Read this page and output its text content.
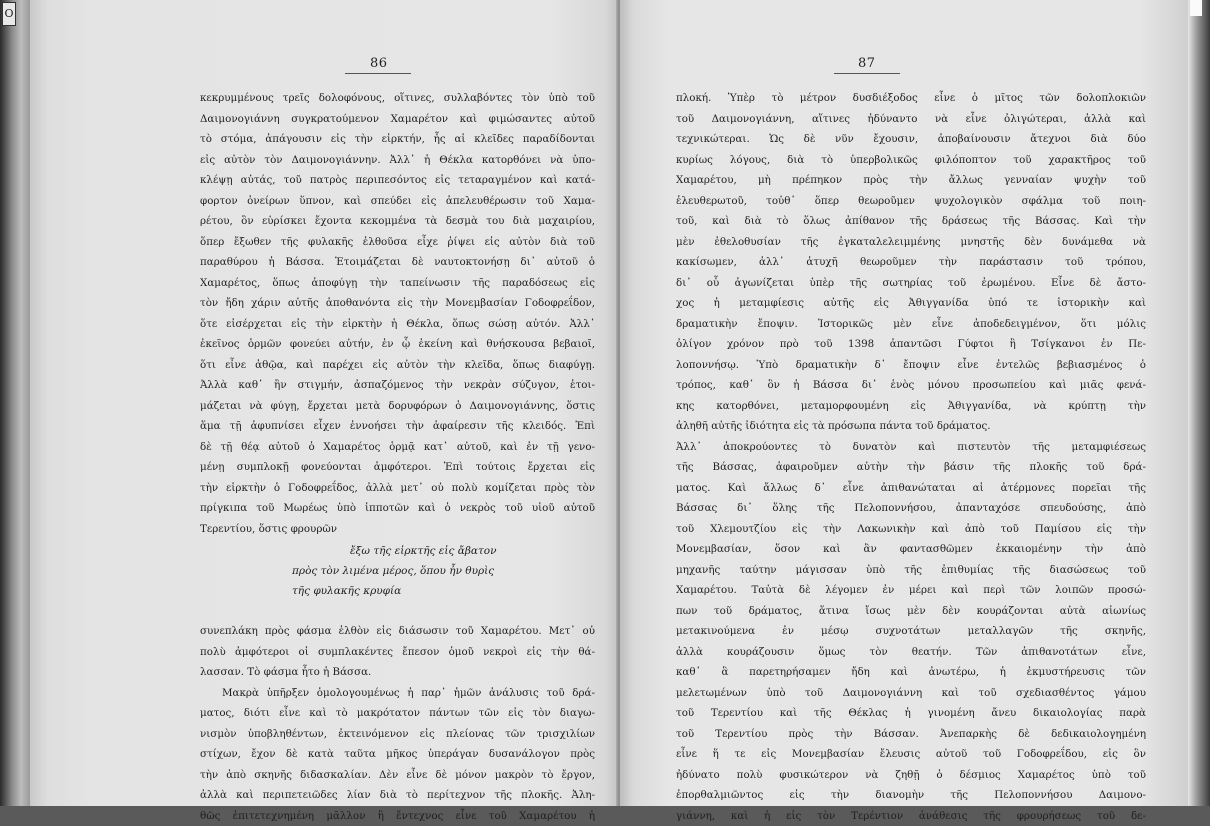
O
86
κεκρυμμένους τρεῖς δολοφόνους, οἵτινες, συλλαβόντες τὸν ὑπὸ τοῦ
Δαιμονογιάννη συγκρατούμενον Χαμαρέτον καὶ φιμώσαντες αὐτοῦ
τὸ στόμα, ἀπάγουσιν εἰς τὴν εἱρκτήν, ἧς αἱ κλεῖδες παραδίδονται
εἰς αὐτὸν τὸν Δαιμονογιάννην. Ἀλλ᾽ ἡ Θέκλα κατορθόνει νὰ ὑπο-
κλέψῃ αὐτάς, τοῦ πατρὸς περιπεσόντος εἰς τεταραγμένον καὶ κατά-
φορτον ὀνείρων ὕπνον, καὶ σπεύδει εἰς ἀπελευθέρωσιν τοῦ Χαμα-
ρέτου, ὃν εὑρίσκει ἔχοντα κεκομμένα τὰ δεσμὰ του διὰ μαχαιρίου,
ὅπερ ἔξωθεν τῆς φυλακῆς ἐλθοῦσα εἶχε ῥίψει εἰς αὐτὸν διὰ τοῦ
παραθύρου ἡ Βάσσα. Ἑτοιμάζεται δὲ ναυτοκτονήσῃ δι᾽ αὐτοῦ ὁ
Χαμαρέτος, ὅπως ἀποφύγῃ τὴν ταπείνωσιν τῆς παραδόσεως εἰς
τὸν ἤδη χάριν αὐτῆς ἀποθανόντα εἰς τὴν Μονεμβασίαν Γοδοφρεΐδον,
ὅτε εἰσέρχεται εἰς τὴν εἱρκτὴν ἡ Θέκλα, ὅπως σώσῃ αὐτόν. Ἀλλ᾽
ἐκεῖνος ὁρμῶν φονεύει αὐτήν, ἐν ᾧ ἐκείνη καὶ θνήσκουσα βεβαιοῖ,
ὅτι εἶνε ἀθῷα, καὶ παρέχει εἰς αὐτὸν τὴν κλεῖδα, ὅπως διαφύγῃ.
Ἀλλὰ καθ᾽ ἣν στιγμήν, ἀσπαζόμενος τὴν νεκρὰν σύζυγον, ἑτοι-
μάζεται νὰ φύγῃ, ἔρχεται μετὰ δορυφόρων ὁ Δαιμονογιάννης, ὅστις
ἅμα τῇ ἀφυπνίσει εἶχεν ἐννοήσει τὴν ἀφαίρεσιν τῆς κλειδός. Ἐπὶ
δὲ τῇ θέᾳ αὐτοῦ ὁ Χαμαρέτος ὁρμᾷ κατ᾽ αὐτοῦ, καὶ ἐν τῇ γενο-
μένῃ συμπλοκῇ φονεύονται ἀμφότεροι. Ἐπὶ τούτοις ἔρχεται εἰς
τὴν εἱρκτὴν ὁ Γοδοφρεΐδος, ἀλλὰ μετ᾽ οὐ πολὺ κομίζεται πρὸς τὸν
πρίγκιπα τοῦ Μωρέως ὑπὸ ἱπποτῶν καὶ ὁ νεκρὸς τοῦ υἱοῦ αὐτοῦ
Τερεντίου, ὅστις φρουρῶν
ἔξω τῆς εἱρκτῆς εἰς ἄβατον
πρὸς τὸν λιμένα μέρος, ὅπου ἦν θυρὶς
τῆς φυλακῆς κρυφία
συνεπλάκη πρὸς φάσμα ἐλθὸν εἰς διάσωσιν τοῦ Χαμαρέτου. Μετ᾽ οὐ
πολὺ ἀμφότεροι οἱ συμπλακέντες ἔπεσον ὁμοῦ νεκροὶ εἰς τὴν θά-
λασσαν. Τὸ φάσμα ἦτο ἡ Βάσσα.
Μακρὰ ὑπῆρξεν ὁμολογουμένως ἡ παρ᾽ ἡμῶν ἀνάλυσις τοῦ δρά-
ματος, διότι εἶνε καὶ τὸ μακρότατον πάντων τῶν εἰς τὸν διαγω-
νισμὸν ὑποβληθέντων, ἐκτεινόμενον εἰς πλείονας τῶν τρισχιλίων
στίχων, ἔχον δὲ κατὰ ταῦτα μῆκος ὑπεράγαν δυσανάλογον πρὸς
τὴν ἀπὸ σκηνῆς διδασκαλίαν. Δὲν εἶνε δὲ μόνον μακρὸν τὸ ἔργον,
ἀλλὰ καὶ περιπετειῶδες λίαν διὰ τὸ περίτεχνον τῆς πλοκῆς. Ἀλη-
θῶς ἐπιτετεχνημένη μᾶλλον ἢ ἔντεχνος εἶνε τοῦ Χαμαρέτου ἡ
87
πλοκή. Ὑπὲρ τὸ μέτρον δυσδιέξοδος εἶνε ὁ μῖτος τῶν δολοπλοκιῶν
τοῦ Δαιμονογιάννη, αἵτινες ἠδύναντο νὰ εἶνε ὀλιγώτεραι, ἀλλὰ καὶ
τεχνικώτεραι. Ὡς δὲ νῦν ἔχουσιν, ἀποβαίνουσιν ἄτεχνοι διὰ δύο
κυρίως λόγους, διὰ τὸ ὑπερβολικῶς φιλόποπτον τοῦ χαρακτῆρος τοῦ
Χαμαρέτου, μὴ πρέπηκον πρὸς τὴν ἄλλως γενναίαν ψυχὴν τοῦ
ἐλευθερωτοῦ, τοὐθ᾽ ὅπερ θεωροῦμεν ψυχολογικὸν σφάλμα τοῦ ποιη-
τοῦ, καὶ διὰ τὸ ὅλως ἀπίθανον τῆς δράσεως τῆς Βάσσας. Καὶ τὴν
μὲν ἐθελοθυσίαν τῆς ἐγκαταλελειμμένης μνηστῆς δὲν δυνάμεθα νὰ
κακίσωμεν, ἀλλ᾽ ἀτυχῆ θεωροῦμεν τὴν παράστασιν τοῦ τρόπου,
δι᾽ οὗ ἀγωνίζεται ὑπὲρ τῆς σωτηρίας τοῦ ἐρωμένου. Εἶνε δὲ ἄστο-
χος ἡ μεταμφίεσις αὐτῆς εἰς Ἀθιγγανίδα ὑπό τε ἱστορικὴν καὶ
δραματικὴν ἔποψιν. Ἱστορικῶς μὲν εἶνε ἀποδεδειγμένον, ὅτι μόλις
ὀλίγον χρόνον πρὸ τοῦ 1398 ἀπαντῶσι Γύφτοι ἢ Τσίγκανοι ἐν Πε-
λοποννήσῳ. Ὑπὸ δραματικὴν δ᾽ ἔποψιν εἶνε ἐντελῶς βεβιασμένος ὁ
τρόπος, καθ᾽ ὃν ἡ Βάσσα δι᾽ ἑνὸς μόνου προσωπείου καὶ μιᾶς φενά-
κης κατορθόνει, μεταμορφουμένη εἰς Ἀθιγγανίδα, νὰ κρύπτῃ τὴν
ἀληθῆ αὐτῆς ἰδιότητα εἰς τὰ πρόσωπα πάντα τοῦ δράματος.
Ἀλλ᾽ ἀποκρούοντες τὸ δυνατὸν καὶ πιστευτὸν τῆς μεταμφιέσεως
τῆς Βάσσας, ἀφαιροῦμεν αὐτὴν τὴν βάσιν τῆς πλοκῆς τοῦ δρά-
ματος. Καὶ ἄλλως δ᾽ εἶνε ἀπιθανώταται αἱ ἀτέρμονες πορεῖαι τῆς
Βάσσας δι᾽ ὅλης τῆς Πελοποννήσου, ἀπανταχόσε σπευδούσης, ἀπὸ
τοῦ Χλεμουτζίου εἰς τὴν Λακωνικὴν καὶ ἀπὸ τοῦ Παμίσου εἰς τὴν
Μονεμβασίαν, ὅσον καὶ ἂν φαντασθῶμεν ἐκκαιομένην τὴν ἀπὸ
μηχανῆς ταύτην μάγισσαν ὑπὸ τῆς ἐπιθυμίας τῆς διασώσεως τοῦ
Χαμαρέτου. Ταὐτὰ δὲ λέγομεν ἐν μέρει καὶ περὶ τῶν λοιπῶν προσώ-
πων τοῦ δράματος, ἅτινα ἴσως μὲν δὲν κουράζονται αὐτὰ αἰωνίως
μετακινούμενα ἐν μέσῳ συχνοτάτων μεταλλαγῶν τῆς σκηνῆς,
ἀλλὰ κουράζουσιν ὅμως τὸν θεατήν. Τῶν ἀπιθανοτάτων εἶνε,
καθ᾽ ἃ παρετηρήσαμεν ἤδη καὶ ἀνωτέρω, ἡ ἐκμυστήρευσις τῶν
μελετωμένων ὑπὸ τοῦ Δαιμονογιάννη καὶ τοῦ σχεδιασθέντος γάμου
τοῦ Τερεντίου καὶ τῆς Θέκλας ἡ γινομένη ἄνευ δικαιολογίας παρὰ
τοῦ Τερεντίου πρὸς τὴν Βάσσαν. Ἀνεπαρκὴς δὲ δεδικαιολογημένη
εἶνε ἥ τε εἰς Μονεμβασίαν ἔλευσις αὐτοῦ τοῦ Γοδοφρεΐδου, εἰς ὃν
ἠδύνατο πολὺ φυσικώτερον νὰ ζηθῇ ὁ δέσμιος Χαμαρέτος ὑπὸ τοῦ
ἐπορθαλμιῶντος εἰς τὴν διανομὴν τῆς Πελοποννήσου Δαιμονο-
γιάννη, καὶ ἡ εἰς τὸν Τερέντιον ἀνάθεσις τῆς φρουρήσεως τοῦ δε-
